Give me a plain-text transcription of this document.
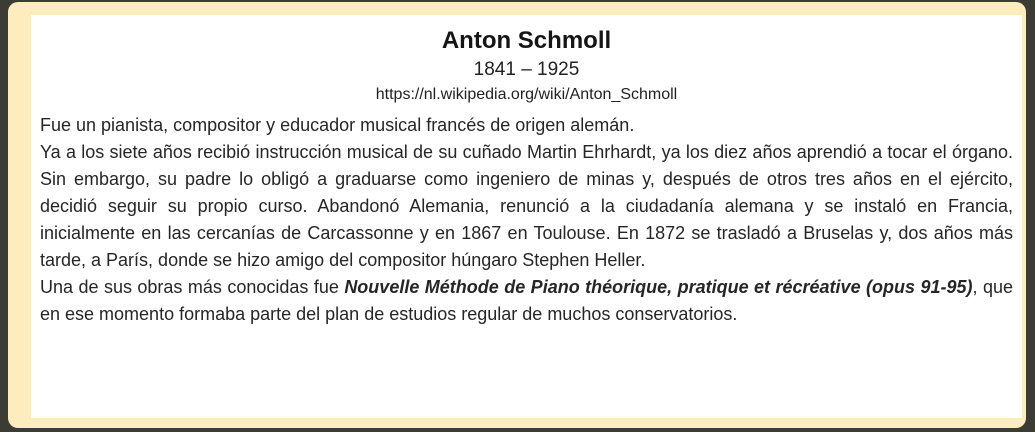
Anton Schmoll
1841 – 1925
https://nl.wikipedia.org/wiki/Anton_Schmoll

Fue un pianista, compositor y educador musical francés de origen alemán.

Ya a los siete años recibió instrucción musical de su cuñado Martin Ehrhardt, ya los diez años aprendió a tocar el órgano. Sin embargo, su padre lo obligó a graduarse como ingeniero de minas y, después de otros tres años en el ejército, decidió seguir su propio curso. Abandonó Alemania, renunció a la ciudadanía alemana y se instaló en Francia, inicialmente en las cercanías de Carcassonne y en 1867 en Toulouse. En 1872 se trasladó a Bruselas y, dos años más tarde, a París, donde se hizo amigo del compositor húngaro Stephen Heller.

Una de sus obras más conocidas fue Nouvelle Méthode de Piano théorique, pratique et récréative (opus 91-95), que en ese momento formaba parte del plan de estudios regular de muchos conservatorios.
